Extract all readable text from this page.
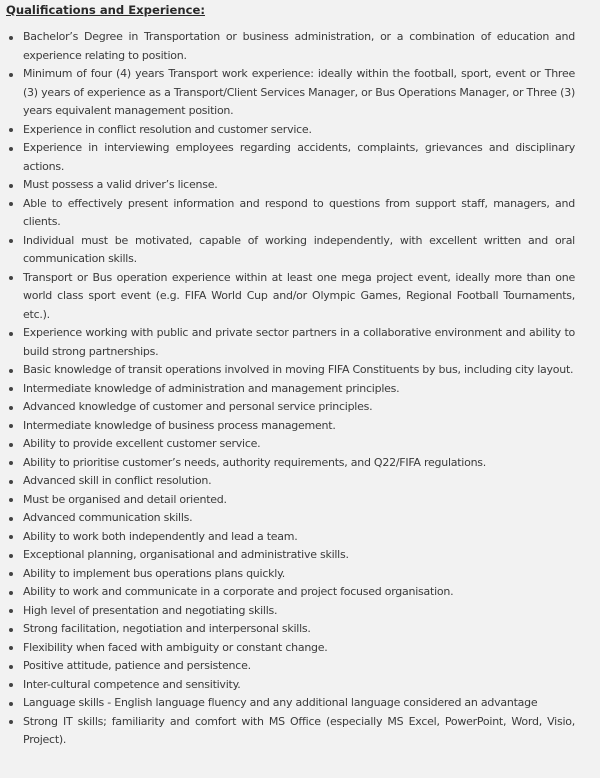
Qualifications and Experience:
Bachelor’s Degree in Transportation or business administration, or a combination of education and experience relating to position.
Minimum of four (4) years Transport work experience: ideally within the football, sport, event or Three (3) years of experience as a Transport/Client Services Manager, or Bus Operations Manager, or Three (3) years equivalent management position.
Experience in conflict resolution and customer service.
Experience in interviewing employees regarding accidents, complaints, grievances and disciplinary actions.
Must possess a valid driver’s license.
Able to effectively present information and respond to questions from support staff, managers, and clients.
Individual must be motivated, capable of working independently, with excellent written and oral communication skills.
Transport or Bus operation experience within at least one mega project event, ideally more than one world class sport event (e.g. FIFA World Cup and/or Olympic Games, Regional Football Tournaments, etc.).
Experience working with public and private sector partners in a collaborative environment and ability to build strong partnerships.
Basic knowledge of transit operations involved in moving FIFA Constituents by bus, including city layout.
Intermediate knowledge of administration and management principles.
Advanced knowledge of customer and personal service principles.
Intermediate knowledge of business process management.
Ability to provide excellent customer service.
Ability to prioritise customer’s needs, authority requirements, and Q22/FIFA regulations.
Advanced skill in conflict resolution.
Must be organised and detail oriented.
Advanced communication skills.
Ability to work both independently and lead a team.
Exceptional planning, organisational and administrative skills.
Ability to implement bus operations plans quickly.
Ability to work and communicate in a corporate and project focused organisation.
High level of presentation and negotiating skills.
Strong facilitation, negotiation and interpersonal skills.
Flexibility when faced with ambiguity or constant change.
Positive attitude, patience and persistence.
Inter-cultural competence and sensitivity.
Language skills - English language fluency and any additional language considered an advantage
Strong IT skills; familiarity and comfort with MS Office (especially MS Excel, PowerPoint, Word, Visio, Project).
